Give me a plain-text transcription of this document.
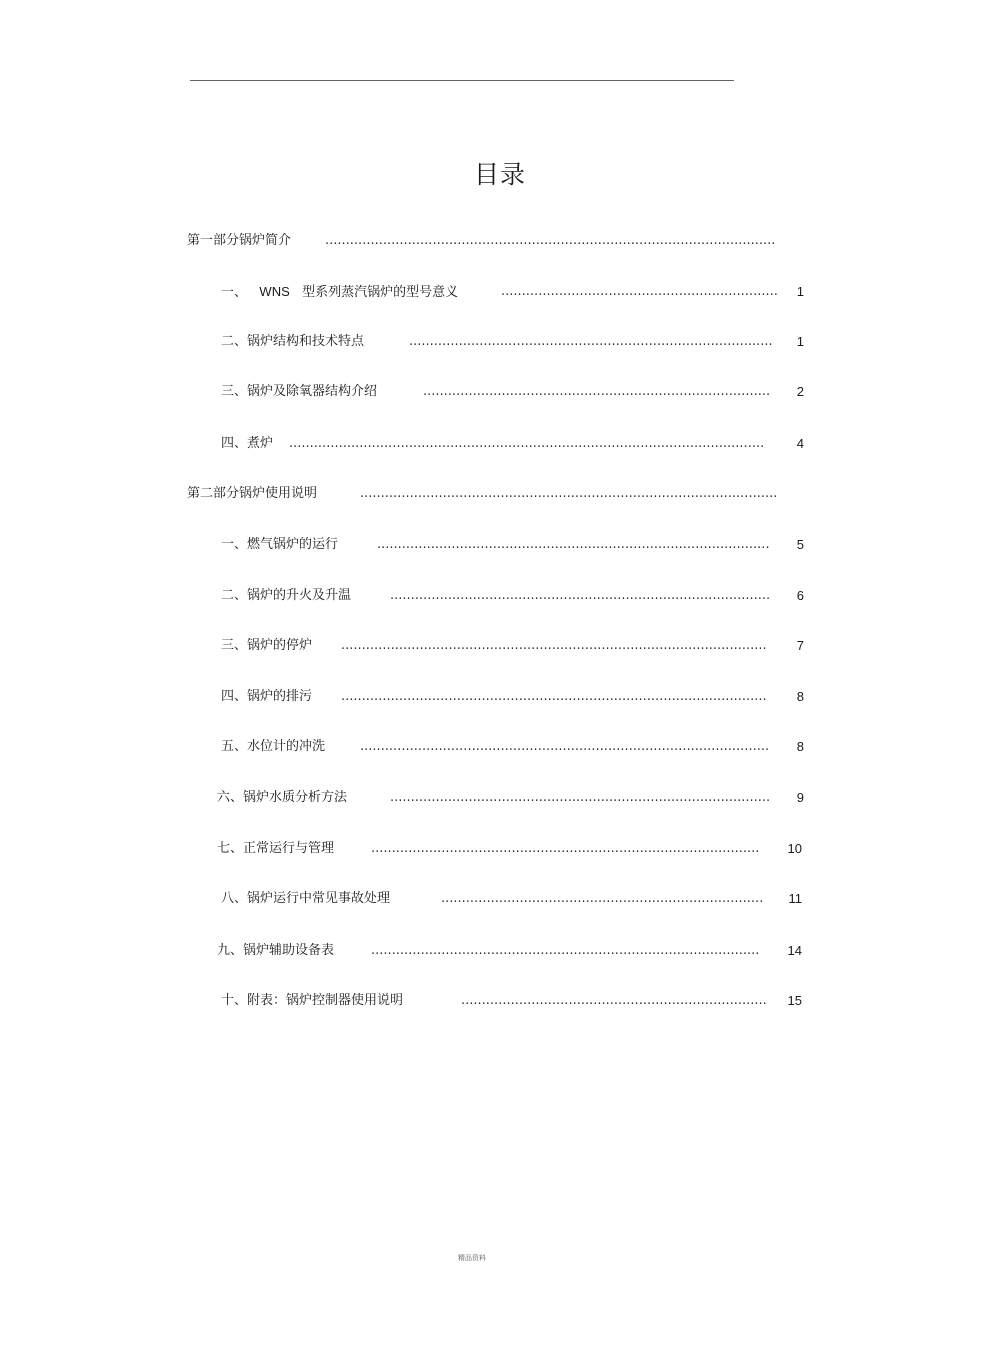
目录
第一部分锅炉简介	.............................................................................................................
一、 WNS 型系列蒸汽锅炉的型号意义	...................................................................	1
二、锅炉结构和技术特点	........................................................................................	1
三、锅炉及除氧器结构介绍	....................................................................................	2
四、煮炉 ...................................................................................................................	4
第二部分锅炉使用说明	.....................................................................................................
一、燃气锅炉的运行	...............................................................................................	5
二、锅炉的升火及升温	............................................................................................	6
三、锅炉的停炉 .......................................................................................................	7
四、锅炉的排污 .......................................................................................................	8
五、水位计的冲洗	...................................................................................................	8
六、锅炉水质分析方法	............................................................................................	9
七、正常运行与管理	..............................................................................................	10
八、锅炉运行中常见事故处理	..............................................................................	11
九、锅炉辅助设备表	..............................................................................................	14
十、附表：锅炉控制器使用说明	..........................................................................	15
精品资料
